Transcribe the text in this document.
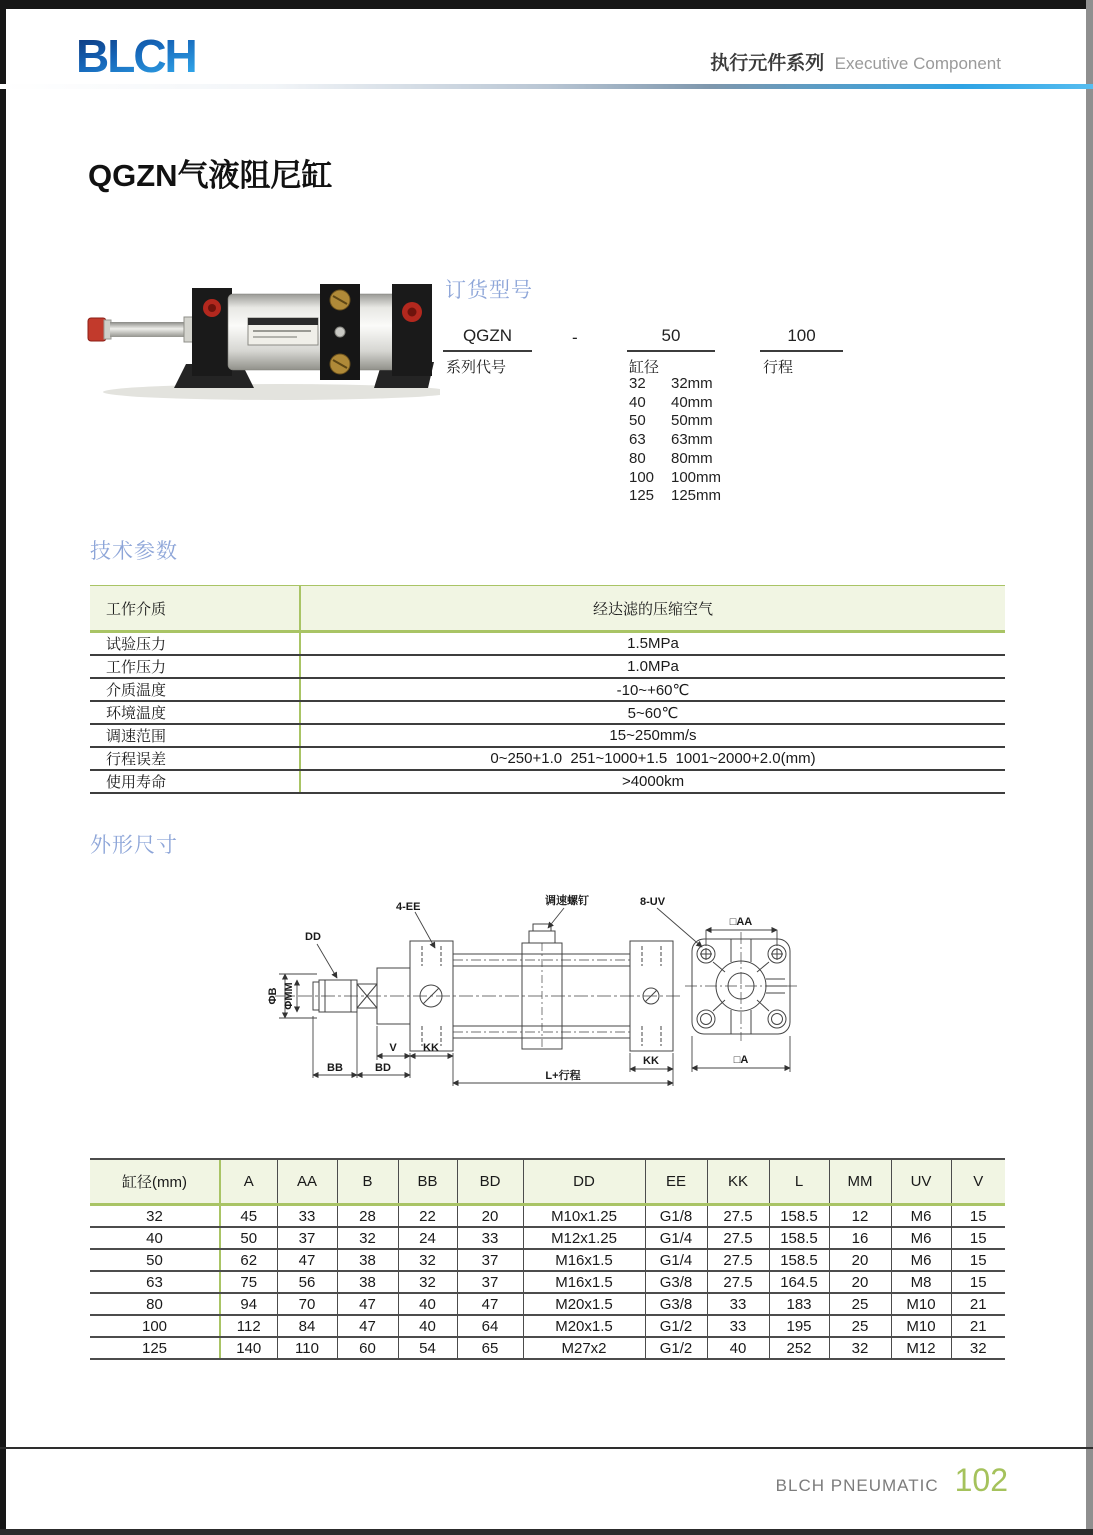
BLCH	执行元件系列 Executive Component
QGZN气液阻尼缸
订货型号
QGZN	-	50	100
系列代号	缸径	行程
32 32mm
40 40mm
50 50mm
63 63mm
80 80mm
100 100mm
125 125mm
技术参数
工作介质	经达滤的压缩空气
试验压力	1.5MPa
工作压力	1.0MPa
介质温度	-10~+60℃
环境温度	5~60℃
调速范围	15~250mm/s
行程误差	0~250+1.0  251~1000+1.5  1001~2000+2.0(mm)
使用寿命	>4000km
外形尺寸
DD
ΦB ΦMM
4-EE	调速螺钉	8-UV
V KK
KK
BB	BD
L+行程
□AA
□A
缸径(mm)	A	AA	B	BB	BD	DD	EE	KK	L	MM	UV	V
32	45	33	28	22	20	M10x1.25	G1/8	27.5	158.5	12	M6	15
40	50	37	32	24	33	M12x1.25	G1/4	27.5	158.5	16	M6	15
50	62	47	38	32	37	M16x1.5	G1/4	27.5	158.5	20	M6	15
63	75	56	38	32	37	M16x1.5	G3/8	27.5	164.5	20	M8	15
80	94	70	47	40	47	M20x1.5	G3/8	33	183	25	M10	21
100	112	84	47	40	64	M20x1.5	G1/2	33	195	25	M10	21
125	140	110	60	54	65	M27x2	G1/2	40	252	32	M12	32
BLCH PNEUMATIC 102
